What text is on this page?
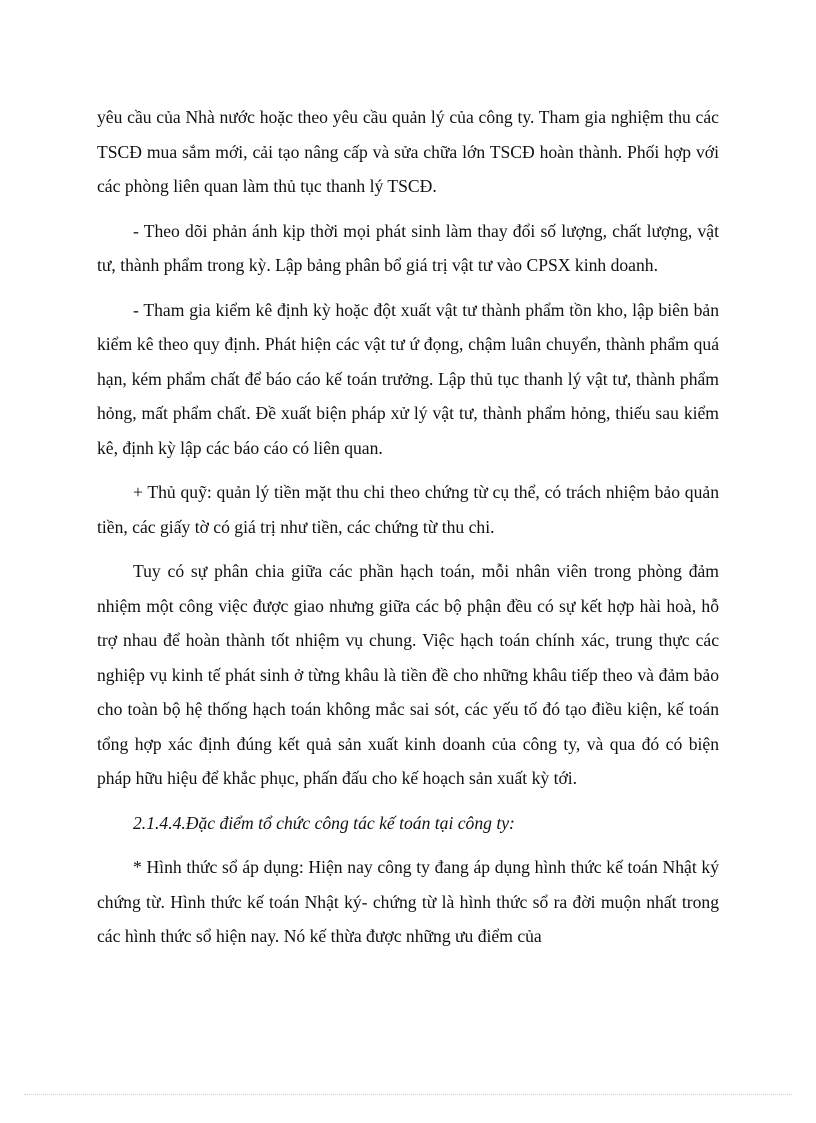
yêu cầu của Nhà nước hoặc theo yêu cầu quản lý của công ty. Tham gia nghiệm thu các TSCĐ mua sắm mới, cải tạo nâng cấp và sửa chữa lớn TSCĐ hoàn thành. Phối hợp với các phòng liên quan làm thủ tục thanh lý TSCĐ.

- Theo dõi phản ánh kịp thời mọi phát sinh làm thay đổi số lượng, chất lượng, vật tư, thành phẩm trong kỳ. Lập bảng phân bổ giá trị vật tư vào CPSX kinh doanh.

- Tham gia kiểm kê định kỳ hoặc đột xuất vật tư thành phẩm tồn kho, lập biên bản kiểm kê theo quy định. Phát hiện các vật tư ứ đọng, chậm luân chuyển, thành phẩm quá hạn, kém phẩm chất để báo cáo kế toán trưởng. Lập thủ tục thanh lý vật tư, thành phẩm hỏng, mất phẩm chất. Đề xuất biện pháp xử lý vật tư, thành phẩm hỏng, thiếu sau kiểm kê, định kỳ lập các báo cáo có liên quan.

+ Thủ quỹ: quản lý tiền mặt thu chi theo chứng từ cụ thể, có trách nhiệm bảo quản tiền, các giấy tờ có giá trị như tiền, các chứng từ thu chi.

Tuy có sự phân chia giữa các phần hạch toán, mỗi nhân viên trong phòng đảm nhiệm một công việc được giao nhưng giữa các bộ phận đều có sự kết hợp hài hoà, hỗ trợ nhau để hoàn thành tốt nhiệm vụ chung. Việc hạch toán chính xác, trung thực các nghiệp vụ kinh tế phát sinh ở từng khâu là tiền đề cho những khâu tiếp theo và đảm bảo cho toàn bộ hệ thống hạch toán không mắc sai sót, các yếu tố đó tạo điều kiện, kế toán tổng hợp xác định đúng kết quả sản xuất kinh doanh của công ty, và qua đó có biện pháp hữu hiệu để khắc phục, phấn đấu cho kế hoạch sản xuất kỳ tới.

2.1.4.4.Đặc điểm tổ chức công tác kế toán tại công ty:

* Hình thức sổ áp dụng: Hiện nay công ty đang áp dụng hình thức kế toán Nhật ký chứng từ. Hình thức kế toán Nhật ký- chứng từ là hình thức sổ ra đời muộn nhất trong các hình thức sổ hiện nay. Nó kế thừa được những ưu điểm của
